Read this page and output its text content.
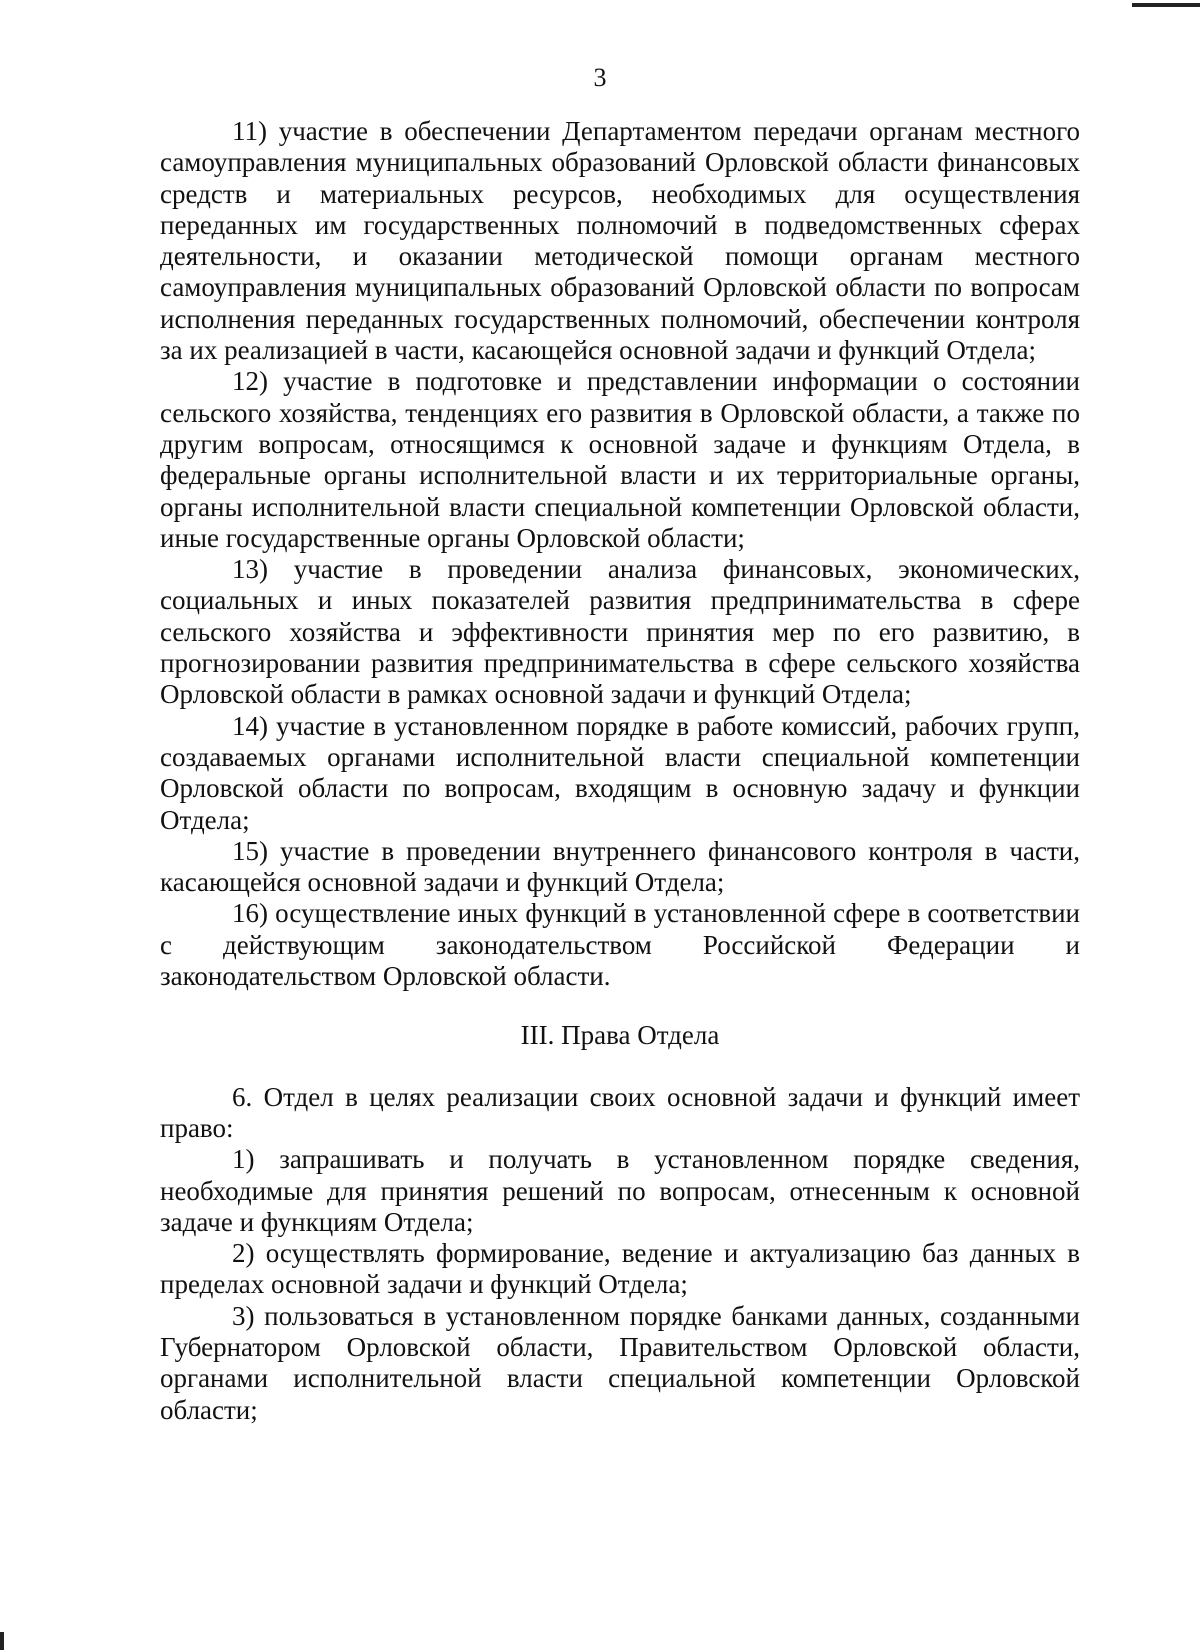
3

11) участие в обеспечении Департаментом передачи органам местного самоуправления муниципальных образований Орловской области финансовых средств и материальных ресурсов, необходимых для осуществления переданных им государственных полномочий в подведомственных сферах деятельности, и оказании методической помощи органам местного самоуправления муниципальных образований Орловской области по вопросам исполнения переданных государственных полномочий, обеспечении контроля за их реализацией в части, касающейся основной задачи и функций Отдела;

12) участие в подготовке и представлении информации о состоянии сельского хозяйства, тенденциях его развития в Орловской области, а также по другим вопросам, относящимся к основной задаче и функциям Отдела, в федеральные органы исполнительной власти и их территориальные органы, органы исполнительной власти специальной компетенции Орловской области, иные государственные органы Орловской области;

13) участие в проведении анализа финансовых, экономических, социальных и иных показателей развития предпринимательства в сфере сельского хозяйства и эффективности принятия мер по его развитию, в прогнозировании развития предпринимательства в сфере сельского хозяйства Орловской области в рамках основной задачи и функций Отдела;

14) участие в установленном порядке в работе комиссий, рабочих групп, создаваемых органами исполнительной власти специальной компетенции Орловской области по вопросам, входящим в основную задачу и функции Отдела;

15) участие в проведении внутреннего финансового контроля в части, касающейся основной задачи и функций Отдела;

16) осуществление иных функций в установленной сфере в соответствии с действующим законодательством Российской Федерации и законодательством Орловской области.

III. Права Отдела

6. Отдел в целях реализации своих основной задачи и функций имеет право:

1) запрашивать и получать в установленном порядке сведения, необходимые для принятия решений по вопросам, отнесенным к основной задаче и функциям Отдела;

2) осуществлять формирование, ведение и актуализацию баз данных в пределах основной задачи и функций Отдела;

3) пользоваться в установленном порядке банками данных, созданными Губернатором Орловской области, Правительством Орловской области, органами исполнительной власти специальной компетенции Орловской области;
